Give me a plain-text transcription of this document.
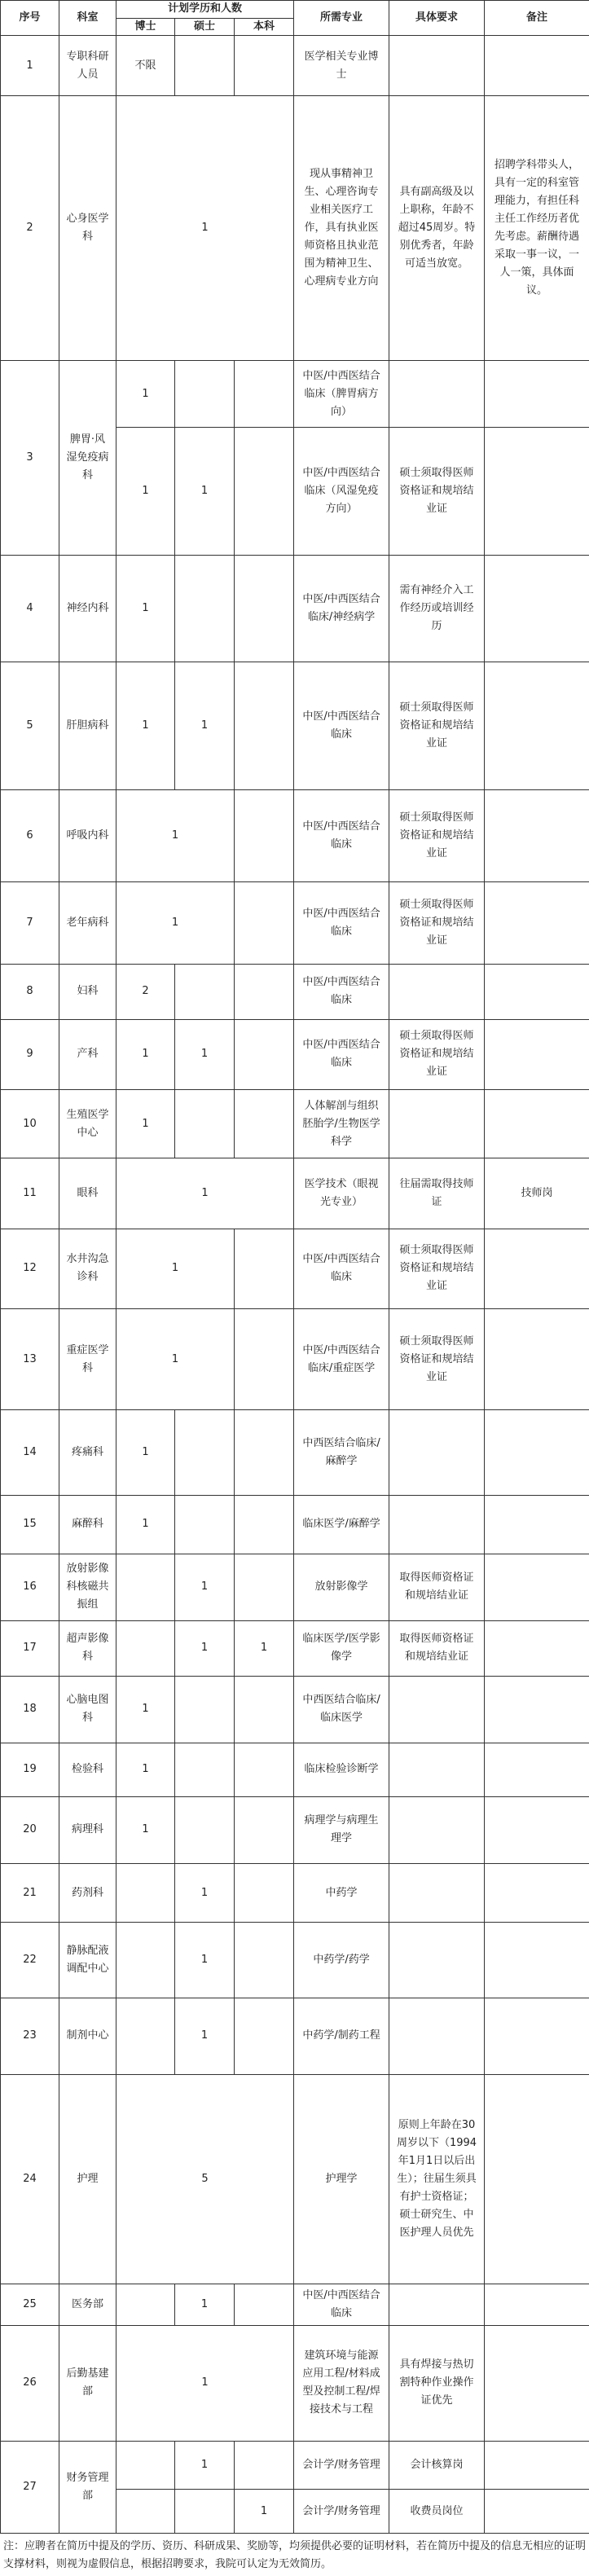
序号	科室	计划学历和人数			所需专业	具体要求	备注
		博士	硕士	本科			
1	专职科研人员	不限			医学相关专业博士		
2	心身医学科	1			现从事精神卫生、心理咨询专业相关医疗工作，具有执业医师资格且执业范围为精神卫生、心理病专业方向	具有副高级及以上职称，年龄不超过45周岁。特别优秀者，年龄可适当放宽。	招聘学科带头人，具有一定的科室管理能力，有担任科主任工作经历者优先考虑。薪酬待遇采取一事一议，一人一策，具体面议。
3	脾胃·风湿免疫病科	1			中医/中西医结合临床（脾胃病方向）		
		1	1		中医/中西医结合临床（风湿免疫方向）	硕士须取得医师资格证和规培结业证	
4	神经内科	1			中医/中西医结合临床/神经病学	需有神经介入工作经历或培训经历	
5	肝胆病科	1	1		中医/中西医结合临床	硕士须取得医师资格证和规培结业证	
6	呼吸内科	1			中医/中西医结合临床	硕士须取得医师资格证和规培结业证	
7	老年病科	1			中医/中西医结合临床	硕士须取得医师资格证和规培结业证	
8	妇科	2			中医/中西医结合临床		
9	产科	1	1		中医/中西医结合临床	硕士须取得医师资格证和规培结业证	
10	生殖医学中心	1			人体解剖与组织胚胎学/生物医学科学		
11	眼科	1			医学技术（眼视光专业）	往届需取得技师证	技师岗
12	水井沟急诊科	1			中医/中西医结合临床	硕士须取得医师资格证和规培结业证	
13	重症医学科	1			中医/中西医结合临床/重症医学	硕士须取得医师资格证和规培结业证	
14	疼痛科	1			中西医结合临床/麻醉学		
15	麻醉科	1			临床医学/麻醉学		
16	放射影像科核磁共振组		1		放射影像学	取得医师资格证和规培结业证	
17	超声影像科		1	1	临床医学/医学影像学	取得医师资格证和规培结业证	
18	心脑电图科	1			中西医结合临床/临床医学		
19	检验科	1			临床检验诊断学		
20	病理科	1			病理学与病理生理学		
21	药剂科		1		中药学		
22	静脉配液调配中心		1		中药学/药学		
23	制剂中心		1		中药学/制药工程		
24	护理	5			护理学	原则上年龄在30周岁以下（1994年1月1日以后出生）；往届生须具有护士资格证；硕士研究生、中医护理人员优先	
25	医务部		1		中医/中西医结合临床		
26	后勤基建部	1			建筑环境与能源应用工程/材料成型及控制工程/焊接技术与工程	具有焊接与热切割特种作业操作证优先	
27	财务管理部		1		会计学/财务管理	会计核算岗	
				1	会计学/财务管理	收费员岗位	
注：应聘者在简历中提及的学历、资历、科研成果、奖励等，均须提供必要的证明材料，若在简历中提及的信息无相应的证明支撑材料，则视为虚假信息，根据招聘要求，我院可认定为无效简历。
